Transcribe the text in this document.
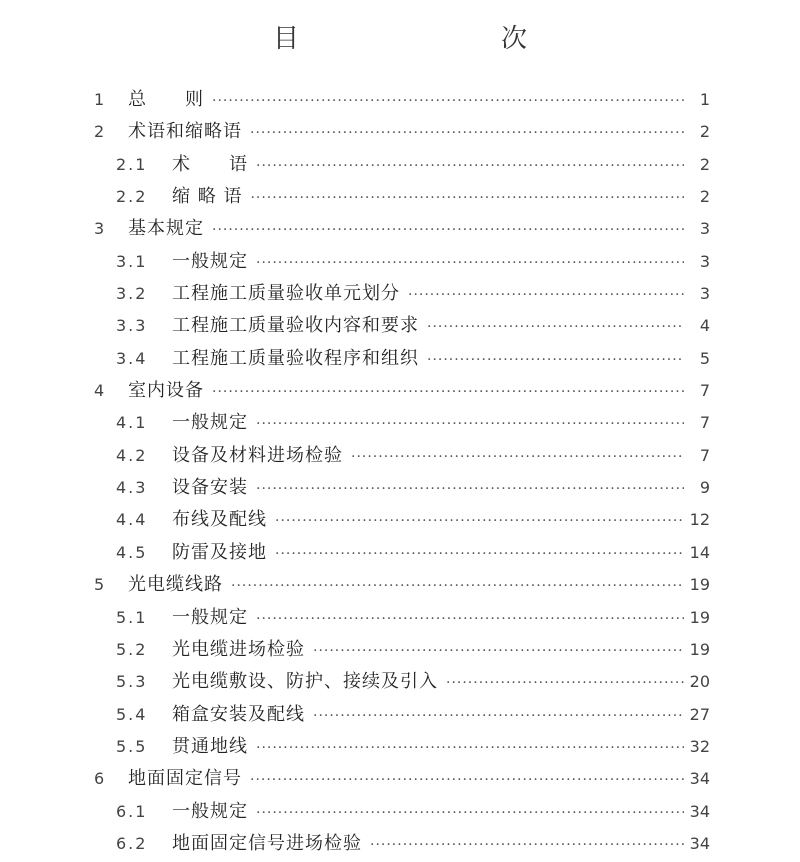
目　　次
1	总　　则 ·····	1
2	术语和缩略语 ·····	2
2.1	术　　语 ·····	2
2.2	缩 略 语 ·····	2
3	基本规定 ·····	3
3.1	一般规定 ·····	3
3.2	工程施工质量验收单元划分 ·····	3
3.3	工程施工质量验收内容和要求 ·····	4
3.4	工程施工质量验收程序和组织 ·····	5
4	室内设备 ·····	7
4.1	一般规定 ·····	7
4.2	设备及材料进场检验 ·····	7
4.3	设备安装 ·····	9
4.4	布线及配线 ·····	12
4.5	防雷及接地 ·····	14
5	光电缆线路 ·····	19
5.1	一般规定 ·····	19
5.2	光电缆进场检验 ·····	19
5.3	光电缆敷设、防护、接续及引入 ·····	20
5.4	箱盒安装及配线 ·····	27
5.5	贯通地线 ·····	32
6	地面固定信号 ·····	34
6.1	一般规定 ·····	34
6.2	地面固定信号进场检验 ·····	34
